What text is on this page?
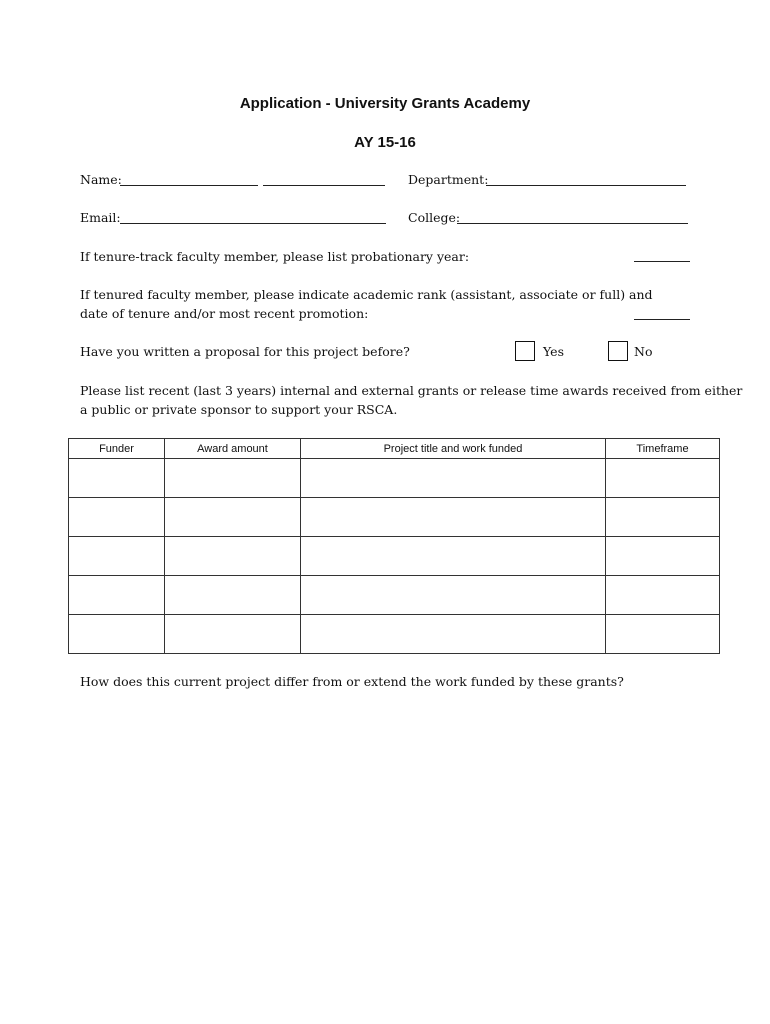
Application - University Grants Academy
AY 15-16
Name:	Department:
Email:	College:
If tenure-track faculty member, please list probationary year:
If tenured faculty member, please indicate academic rank (assistant, associate or full) and
date of tenure and/or most recent promotion:
Have you written a proposal for this project before?	Yes	No
Please list recent (last 3 years) internal and external grants or release time awards received from either
a public or private sponsor to support your RSCA.
Funder	Award amount	Project title and work funded	Timeframe

How does this current project differ from or extend the work funded by these grants?
